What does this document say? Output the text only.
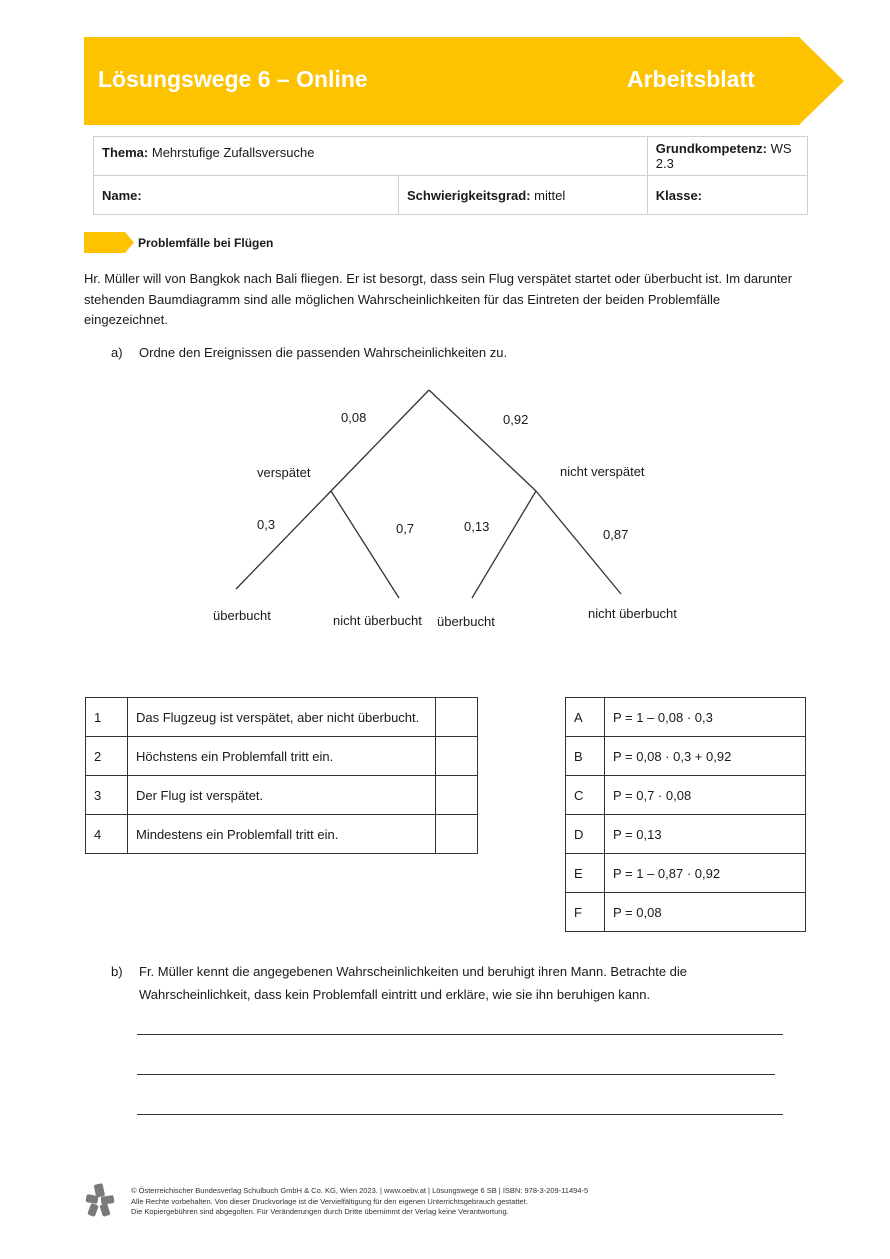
Lösungswege 6 – Online	Arbeitsblatt
Thema: Mehrstufige Zufallsversuche		Grundkompetenz: WS 2.3
Name:	Schwierigkeitsgrad: mittel	Klasse:
Problemfälle bei Flügen
Hr. Müller will von Bangkok nach Bali fliegen. Er ist besorgt, dass sein Flug verspätet startet oder überbucht ist. Im darunter stehenden Baumdiagramm sind alle möglichen Wahrscheinlichkeiten für das Eintreten der beiden Problemfälle eingezeichnet.
a) Ordne den Ereignissen die passenden Wahrscheinlichkeiten zu.
0,08	0,92
verspätet	nicht verspätet
0,3	0,7	0,13
0,87
überbucht	nicht überbucht überbucht
nicht überbucht
1	Das Flugzeug ist verspätet, aber nicht überbucht.	
2	Höchstens ein Problemfall tritt ein.	
3	Der Flug ist verspätet.	
4	Mindestens ein Problemfall tritt ein.	
A	P = 1 – 0,08 · 0,3
B	P = 0,08 · 0,3 + 0,92
C	P = 0,7 · 0,08
D	P = 0,13
E	P = 1 – 0,87 · 0,92
F	P = 0,08
b) Fr. Müller kennt die angegebenen Wahrscheinlichkeiten und beruhigt ihren Mann. Betrachte die
Wahrscheinlichkeit, dass kein Problemfall eintritt und erkläre, wie sie ihn beruhigen kann.
© Österreichischer Bundesverlag Schulbuch GmbH & Co. KG, Wien 2023. | www.oebv.at | Lösungswege 6 SB | ISBN: 978-3-209-11494-5
Alle Rechte vorbehalten. Von dieser Druckvorlage ist die Vervielfältigung für den eigenen Unterrichtsgebrauch gestattet.
Die Kopiergebühren sind abgegolten. Für Veränderungen durch Dritte übernimmt der Verlag keine Verantwortung.
